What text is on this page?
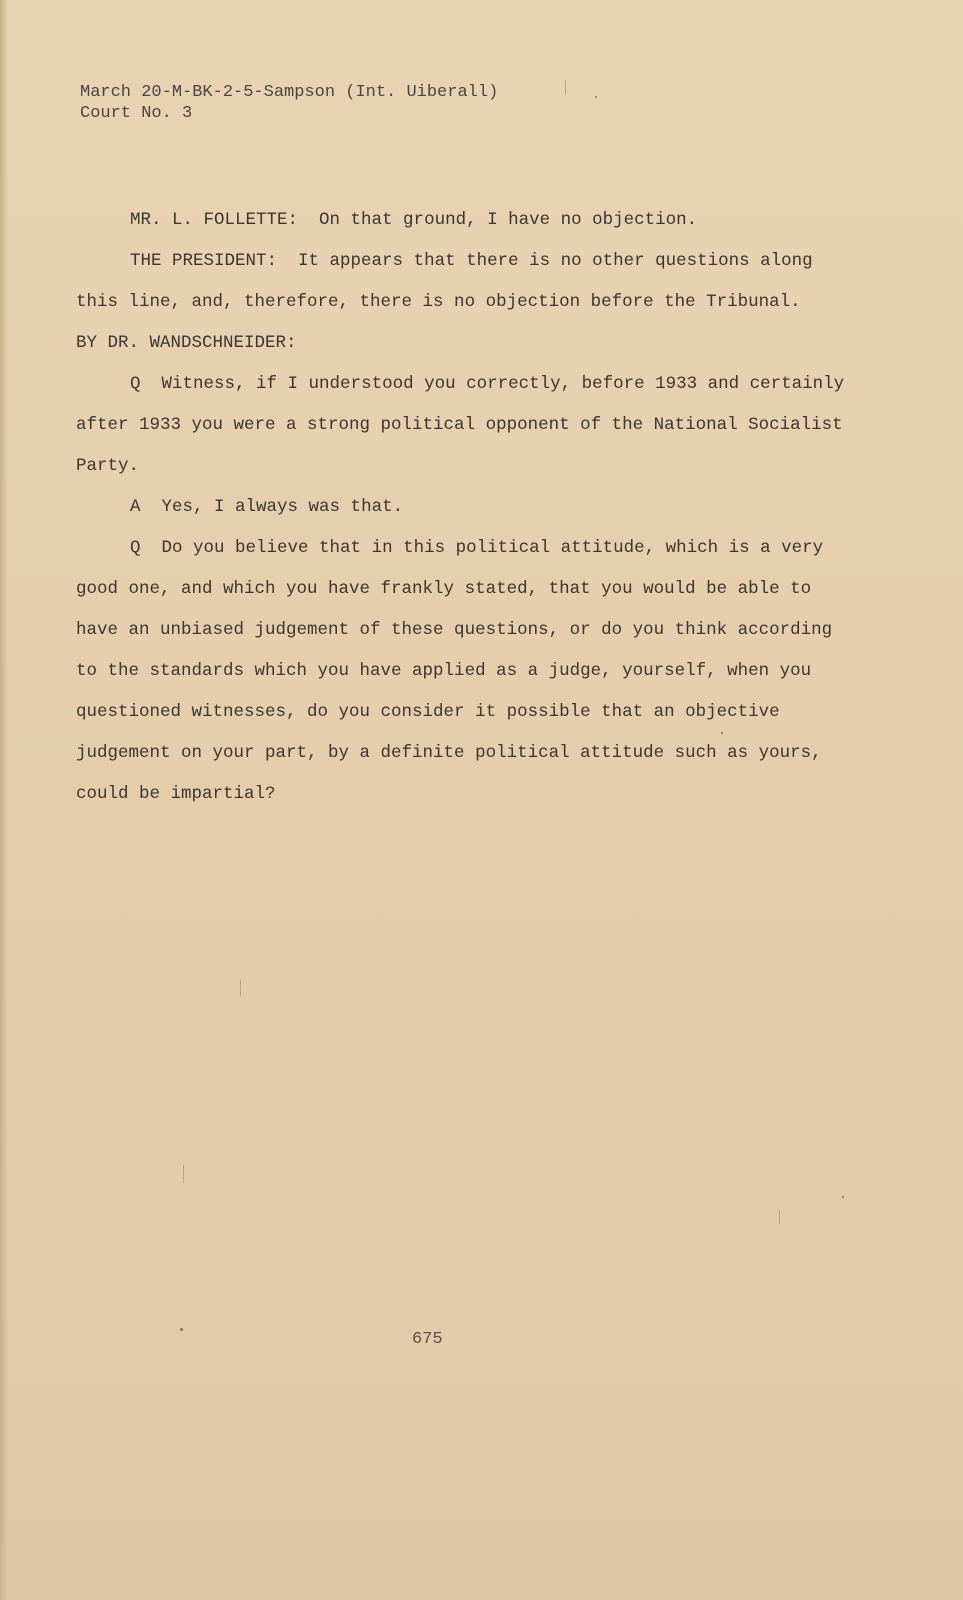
March 20-M-BK-2-5-Sampson (Int. Uiberall)
Court No. 3

MR. L. FOLLETTE: On that ground, I have no objection.

THE PRESIDENT: It appears that there is no other questions along this line, and, therefore, there is no objection before the Tribunal.

BY DR. WANDSCHNEIDER:

Q Witness, if I understood you correctly, before 1933 and certainly after 1933 you were a strong political opponent of the National Socialist Party.

A Yes, I always was that.

Q Do you believe that in this political attitude, which is a very good one, and which you have frankly stated, that you would be able to have an unbiased judgement of these questions, or do you think according to the standards which you have applied as a judge, yourself, when you questioned witnesses, do you consider it possible that an objective judgement on your part, by a definite political attitude such as yours, could be impartial?

675
